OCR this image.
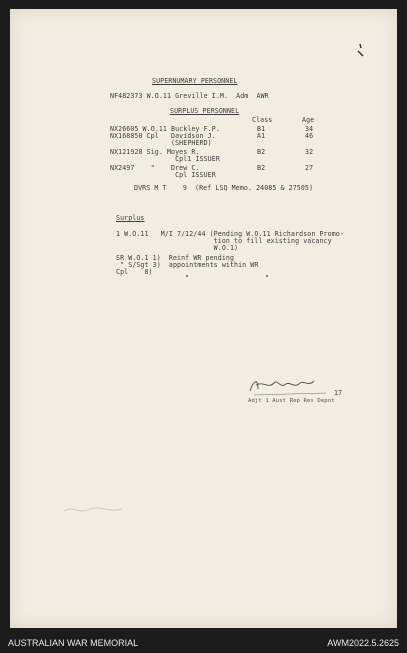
SUPERNUMARY PERSONNEL
NF482373 W.O.11 Greville I.M.  Adm  AWR
SURPLUS PERSONNEL
Class	Age
NX26605 W.O.11 Buckley F.P.	B1	34
NX168850 Cpl   Davidson J.	A1	46
(SHEPHERD)
NX121928 Sig. Moyes R.	B2	32
Cpl1 ISSUER
NX2497    "    Drew C.	B2	27
Cpl ISSUER
DVRS M T    9  (Ref LSQ Memo. 24085 & 27505)
Surplus
1 W.O.11   M/I 7/12/44 (Pending W.O.11 Richardson Promo-
tion to fill existing vacancy
W.O.1)
SR W.O.1 1)  Reinf WR pending
" S/Sgt 3)  appointments within WR
Cpl    8)
"	"
17
Adjt 1 Aust Rep Res Depot
AUSTRALIAN WAR MEMORIAL	AWM2022.5.2625
